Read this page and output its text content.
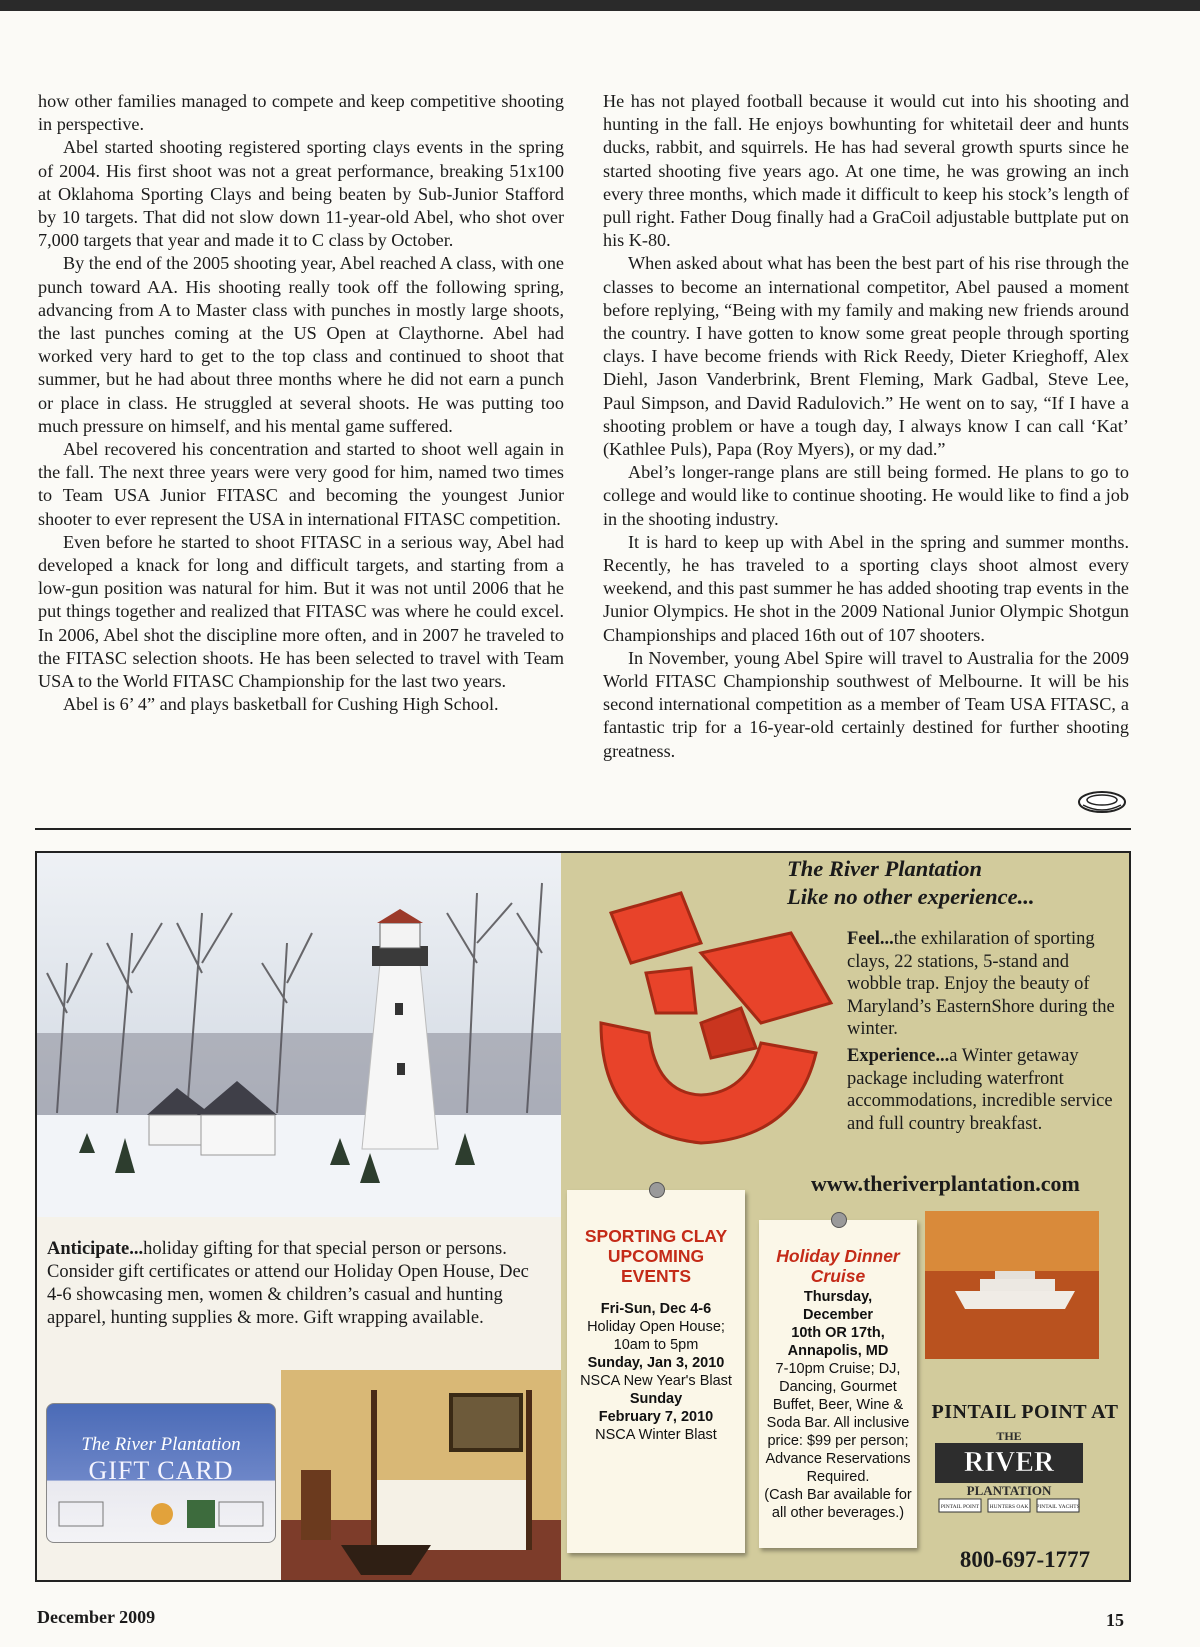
how other families managed to compete and keep competitive shooting in perspective.

Abel started shooting registered sporting clays events in the spring of 2004. His first shoot was not a great performance, breaking 51x100 at Oklahoma Sporting Clays and being beaten by Sub-Junior Stafford by 10 targets. That did not slow down 11-year-old Abel, who shot over 7,000 targets that year and made it to C class by October.

By the end of the 2005 shooting year, Abel reached A class, with one punch toward AA. His shooting really took off the following spring, advancing from A to Master class with punches in mostly large shoots, the last punches coming at the US Open at Claythorne. Abel had worked very hard to get to the top class and continued to shoot that summer, but he had about three months where he did not earn a punch or place in class. He struggled at several shoots. He was putting too much pressure on himself, and his mental game suffered.

Abel recovered his concentration and started to shoot well again in the fall. The next three years were very good for him, named two times to Team USA Junior FITASC and becoming the youngest Junior shooter to ever represent the USA in international FITASC competition.

Even before he started to shoot FITASC in a serious way, Abel had developed a knack for long and difficult targets, and starting from a low-gun position was natural for him. But it was not until 2006 that he put things together and realized that FITASC was where he could excel. In 2006, Abel shot the discipline more often, and in 2007 he traveled to the FITASC selection shoots. He has been selected to travel with Team USA to the World FITASC Championship for the last two years.

Abel is 6’ 4” and plays basketball for Cushing High School.

He has not played football because it would cut into his shooting and hunting in the fall. He enjoys bowhunting for whitetail deer and hunts ducks, rabbit, and squirrels. He has had several growth spurts since he started shooting five years ago. At one time, he was growing an inch every three months, which made it difficult to keep his stock’s length of pull right. Father Doug finally had a GraCoil adjustable buttplate put on his K-80.

When asked about what has been the best part of his rise through the classes to become an international competitor, Abel paused a moment before replying, “Being with my family and making new friends around the country. I have gotten to know some great people through sporting clays. I have become friends with Rick Reedy, Dieter Krieghoff, Alex Diehl, Jason Vanderbrink, Brent Fleming, Mark Gadbal, Steve Lee, Paul Simpson, and David Radulovich.” He went on to say, “If I have a shooting problem or have a tough day, I always know I can call ‘Kat’ (Kathlee Puls), Papa (Roy Myers), or my dad.”

Abel’s longer-range plans are still being formed. He plans to go to college and would like to continue shooting. He would like to find a job in the shooting industry.

It is hard to keep up with Abel in the spring and summer months. Recently, he has traveled to a sporting clays shoot almost every weekend, and this past summer he has added shooting trap events in the Junior Olympics. He shot in the 2009 National Junior Olympic Shotgun Championships and placed 16th out of 107 shooters.

In November, young Abel Spire will travel to Australia for the 2009 World FITASC Championship southwest of Melbourne. It will be his second international competition as a member of Team USA FITASC, a fantastic trip for a 16-year-old certainly destined for further shooting greatness.

Anticipate...holiday gifting for that special person or persons. Consider gift certificates or attend our Holiday Open House, Dec 4-6 showcasing men, women & children’s casual and hunting apparel, hunting supplies & more. Gift wrapping available.
The River Plantation
GIFT CARD
The River Plantation
Like no other experience...

Feel...the exhilaration of sporting clays, 22 stations, 5-stand and wobble trap. Enjoy the beauty of Maryland’s EasternShore during the winter.

Experience...a Winter getaway package including waterfront accommodations, incredible service and full country breakfast.

www.theriverplantation.com
SPORTING CLAY
UPCOMING
EVENTS
Fri-Sun, Dec 4-6
Holiday Open House;
10am to 5pm
Sunday, Jan 3, 2010
NSCA New Year's Blast
Sunday
February 7, 2010
NSCA Winter Blast
Holiday Dinner
Cruise
Thursday,
December
10th OR 17th,
Annapolis, MD
7-10pm Cruise; DJ, Dancing, Gourmet Buffet, Beer, Wine & Soda Bar. All inclusive price: $99 per person; Advance Reservations Required.
(Cash Bar available for all other beverages.)
PINTAIL POINT AT
THE
RIVER
PLANTATION
PINTAIL POINT HUNTERS OAK PINTAIL YACHTS
800-697-1777
December 2009	15
